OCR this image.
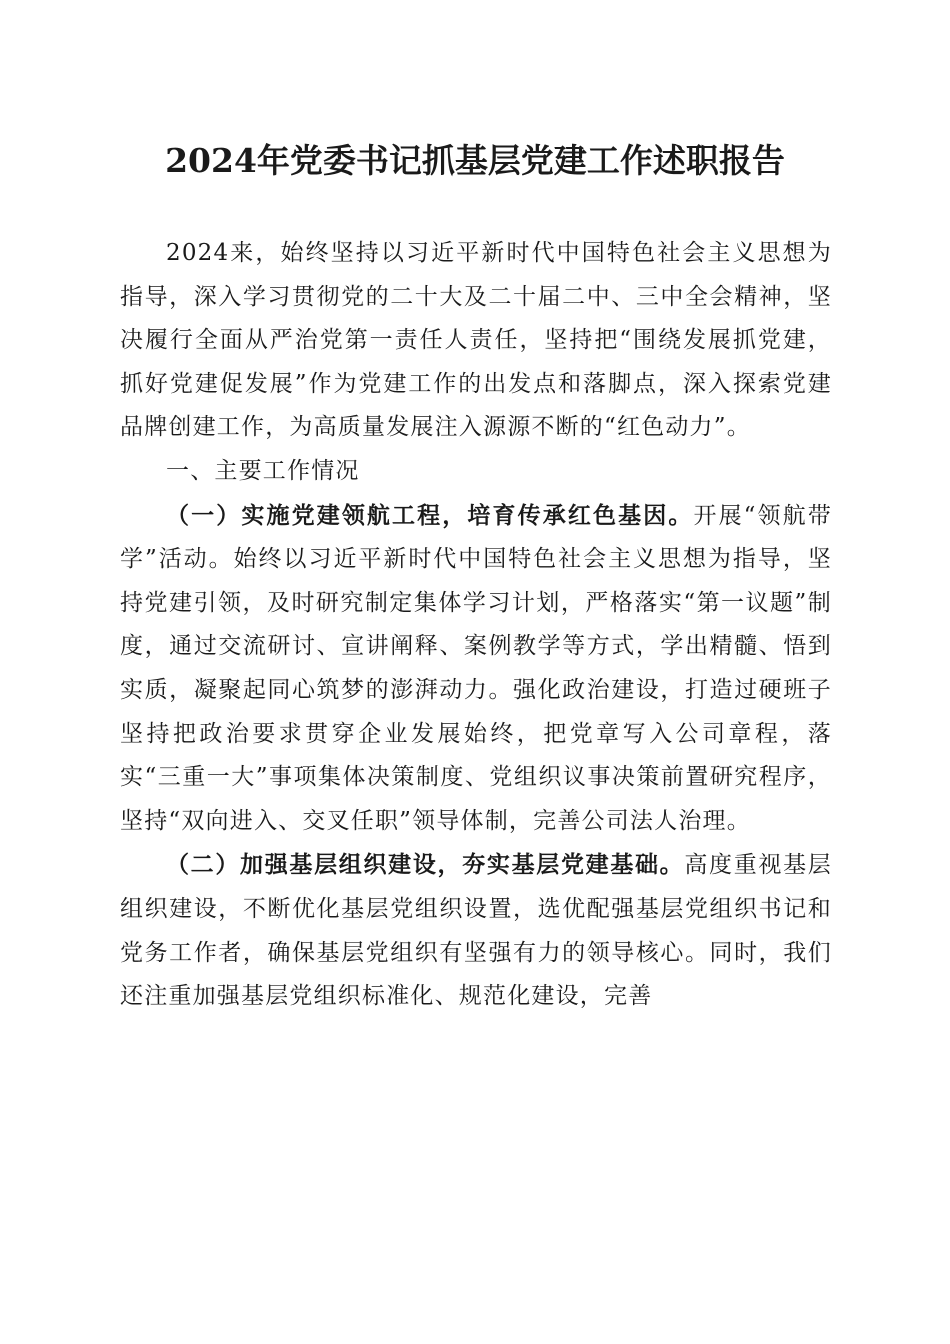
2024年党委书记抓基层党建工作述职报告

2024来，始终坚持以习近平新时代中国特色社会主义思想为指导，深入学习贯彻党的二十大及二十届二中、三中全会精神，坚决履行全面从严治党第一责任人责任，坚持把“围绕发展抓党建，抓好党建促发展”作为党建工作的出发点和落脚点，深入探索党建品牌创建工作，为高质量发展注入源源不断的“红色动力”。

一、主要工作情况

（一）实施党建领航工程，培育传承红色基因。开展“领航带学”活动。始终以习近平新时代中国特色社会主义思想为指导，坚持党建引领，及时研究制定集体学习计划，严格落实“第一议题”制度，通过交流研讨、宣讲阐释、案例教学等方式，学出精髓、悟到实质，凝聚起同心筑梦的澎湃动力。强化政治建设，打造过硬班子坚持把政治要求贯穿企业发展始终，把党章写入公司章程，落实“三重一大”事项集体决策制度、党组织议事决策前置研究程序，坚持“双向进入、交叉任职”领导体制，完善公司法人治理。

（二）加强基层组织建设，夯实基层党建基础。高度重视基层组织建设，不断优化基层党组织设置，选优配强基层党组织书记和党务工作者，确保基层党组织有坚强有力的领导核心。同时，我们还注重加强基层党组织标准化、规范化建设，完善
